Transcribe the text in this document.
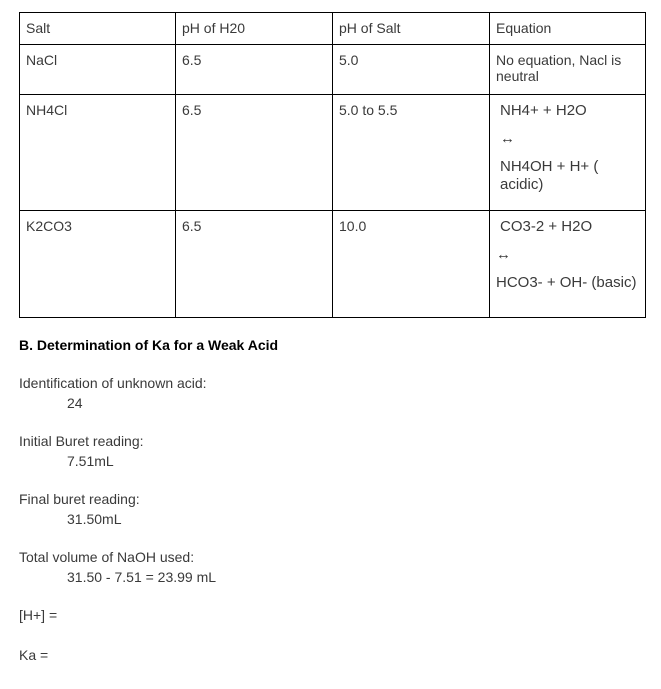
Salt	pH of H20	pH of Salt	Equation
NaCl	6.5	5.0	No equation, Nacl is neutral
NH4Cl	6.5	5.0 to 5.5	NH4+ + H2O
↔
NH4OH + H+ ( acidic)

K2CO3	6.5	10.0	CO3-2 + H2O
↔
HCO3- + OH- (basic)
B. Determination of Ka for a Weak Acid
Identification of unknown acid:
24
Initial Buret reading:
7.51mL
Final buret reading:
31.50mL
Total volume of NaOH used:
31.50 - 7.51 = 23.99 mL
[H+] =
Ka =
